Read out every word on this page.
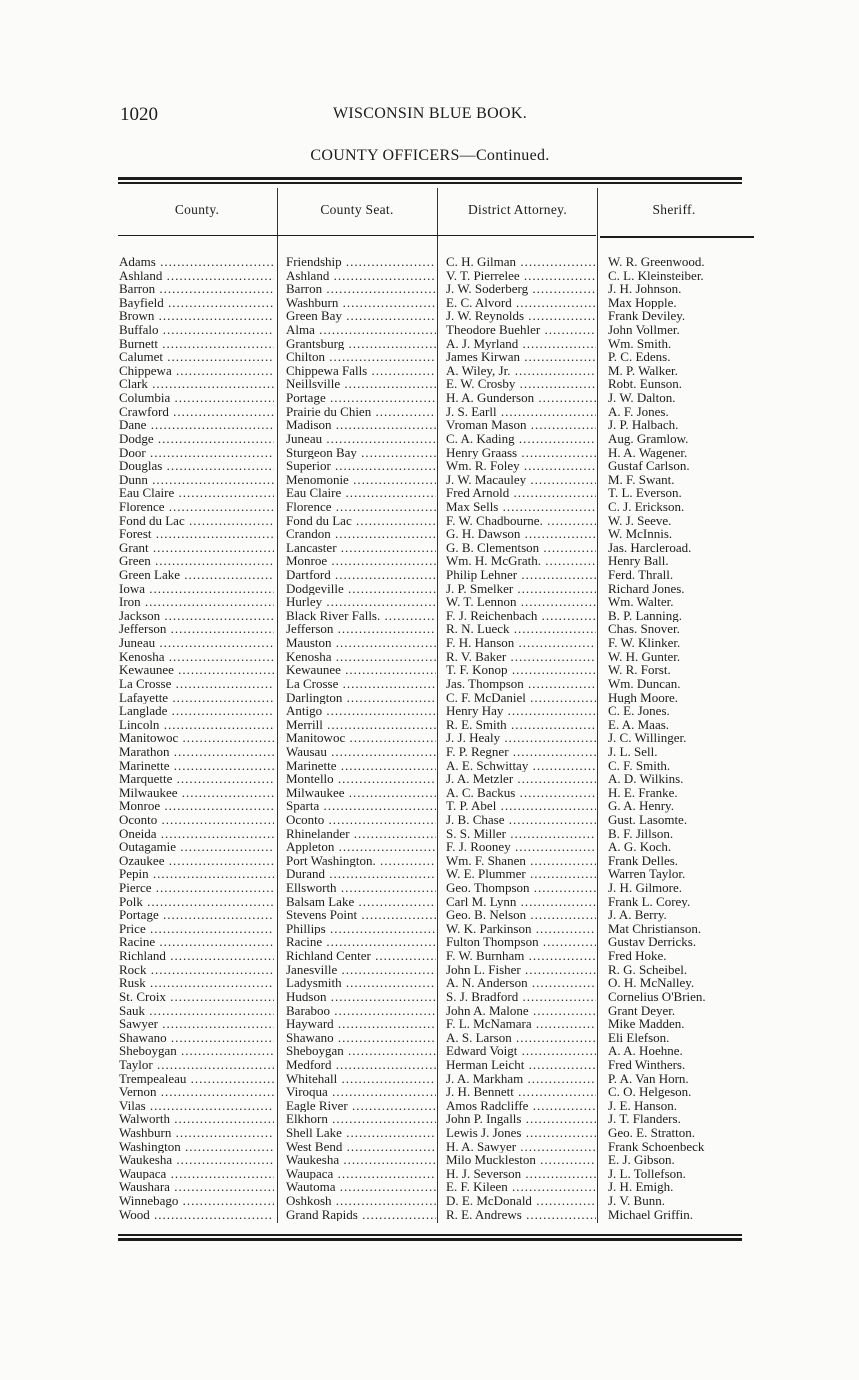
1020	WISCONSIN BLUE BOOK.
COUNTY OFFICERS—Continued.
County.	County Seat.	District Attorney.	Sheriff.
Adams .....	Friendship .....	C. H. Gilman .....	W. R. Greenwood.
Ashland .....	Ashland .....	V. T. Pierrelee .....	C. L. Kleinsteiber.
Barron .....	Barron .....	J. W. Soderberg .....	J. H. Johnson.
Bayfield .....	Washburn .....	E. C. Alvord .....	Max Hopple.
Brown .....	Green Bay .....	J. W. Reynolds .....	Frank Deviley.
Buffalo .....	Alma .....	Theodore Buehler .....	John Vollmer.
Burnett .....	Grantsburg .....	A. J. Myrland .....	Wm. Smith.
Calumet .....	Chilton .....	James Kirwan .....	P. C. Edens.
Chippewa .....	Chippewa Falls .....	A. Wiley, Jr. .....	M. P. Walker.
Clark .....	Neillsville .....	E. W. Crosby .....	Robt. Eunson.
Columbia .....	Portage .....	H. A. Gunderson .....	J. W. Dalton.
Crawford .....	Prairie du Chien .....	J. S. Earll .....	A. F. Jones.
Dane .....	Madison .....	Vroman Mason .....	J. P. Halbach.
Dodge .....	Juneau .....	C. A. Kading .....	Aug. Gramlow.
Door .....	Sturgeon Bay .....	Henry Graass .....	H. A. Wagener.
Douglas .....	Superior .....	Wm. R. Foley .....	Gustaf Carlson.
Dunn .....	Menomonie .....	J. W. Macauley .....	M. F. Swant.
Eau Claire .....	Eau Claire .....	Fred Arnold .....	T. L. Everson.
Florence .....	Florence .....	Max Sells .....	C. J. Erickson.
Fond du Lac .....	Fond du Lac .....	F. W. Chadbourne. .....	W. J. Seeve.
Forest .....	Crandon .....	G. H. Dawson .....	W. McInnis.
Grant .....	Lancaster .....	G. B. Clementson .....	Jas. Harcleroad.
Green .....	Monroe .....	Wm. H. McGrath. .....	Henry Ball.
Green Lake .....	Dartford .....	Philip Lehner .....	Ferd. Thrall.
Iowa .....	Dodgeville .....	J. P. Smelker .....	Richard Jones.
Iron .....	Hurley .....	W. T. Lennon .....	Wm. Walter.
Jackson .....	Black River Falls. .....	F. J. Reichenbach .....	B. P. Lanning.
Jefferson .....	Jefferson .....	R. N. Lueck .....	Chas. Snover.
Juneau .....	Mauston .....	F. H. Hanson .....	F. W. Klinker.
Kenosha .....	Kenosha .....	R. V. Baker .....	W. H. Gunter.
Kewaunee .....	Kewaunee .....	T. F. Konop .....	W. R. Forst.
La Crosse .....	La Crosse .....	Jas. Thompson .....	Wm. Duncan.
Lafayette .....	Darlington .....	C. F. McDaniel .....	Hugh Moore.
Langlade .....	Antigo .....	Henry Hay .....	C. E. Jones.
Lincoln .....	Merrill .....	R. E. Smith .....	E. A. Maas.
Manitowoc .....	Manitowoc .....	J. J. Healy .....	J. C. Willinger.
Marathon .....	Wausau .....	F. P. Regner .....	J. L. Sell.
Marinette .....	Marinette .....	A. E. Schwittay .....	C. F. Smith.
Marquette .....	Montello .....	J. A. Metzler .....	A. D. Wilkins.
Milwaukee .....	Milwaukee .....	A. C. Backus .....	H. E. Franke.
Monroe .....	Sparta .....	T. P. Abel .....	G. A. Henry.
Oconto .....	Oconto .....	J. B. Chase .....	Gust. Lasomte.
Oneida .....	Rhinelander .....	S. S. Miller .....	B. F. Jillson.
Outagamie .....	Appleton .....	F. J. Rooney .....	A. G. Koch.
Ozaukee .....	Port Washington. .....	Wm. F. Shanen .....	Frank Delles.
Pepin .....	Durand .....	W. E. Plummer .....	Warren Taylor.
Pierce .....	Ellsworth .....	Geo. Thompson .....	J. H. Gilmore.
Polk .....	Balsam Lake .....	Carl M. Lynn .....	Frank L. Corey.
Portage .....	Stevens Point .....	Geo. B. Nelson .....	J. A. Berry.
Price .....	Phillips .....	W. K. Parkinson .....	Mat Christianson.
Racine .....	Racine .....	Fulton Thompson .....	Gustav Derricks.
Richland .....	Richland Center .....	F. W. Burnham .....	Fred Hoke.
Rock .....	Janesville .....	John L. Fisher .....	R. G. Scheibel.
Rusk .....	Ladysmith .....	A. N. Anderson .....	O. H. McNalley.
St. Croix .....	Hudson .....	S. J. Bradford .....	Cornelius O'Brien.
Sauk .....	Baraboo .....	John A. Malone .....	Grant Deyer.
Sawyer .....	Hayward .....	F. L. McNamara .....	Mike Madden.
Shawano .....	Shawano .....	A. S. Larson .....	Eli Elefson.
Sheboygan .....	Sheboygan .....	Edward Voigt .....	A. A. Hoehne.
Taylor .....	Medford .....	Herman Leicht .....	Fred Winthers.
Trempealeau .....	Whitehall .....	J. A. Markham .....	P. A. Van Horn.
Vernon .....	Viroqua .....	J. H. Bennett .....	C. O. Helgeson.
Vilas .....	Eagle River .....	Amos Radcliffe .....	J. E. Hanson.
Walworth .....	Elkhorn .....	John P. Ingalls .....	J. T. Flanders.
Washburn .....	Shell Lake .....	Lewis J. Jones .....	Geo. E. Stratton.
Washington .....	West Bend .....	H. A. Sawyer .....	Frank Schoenbeck
Waukesha .....	Waukesha .....	Milo Muckleston .....	E. J. Gibson.
Waupaca .....	Waupaca .....	H. J. Severson .....	J. L. Tollefson.
Waushara .....	Wautoma .....	E. F. Kileen .....	J. H. Emigh.
Winnebago .....	Oshkosh .....	D. E. McDonald .....	J. V. Bunn.
Wood .....	Grand Rapids .....	R. E. Andrews .....	Michael Griffin.
